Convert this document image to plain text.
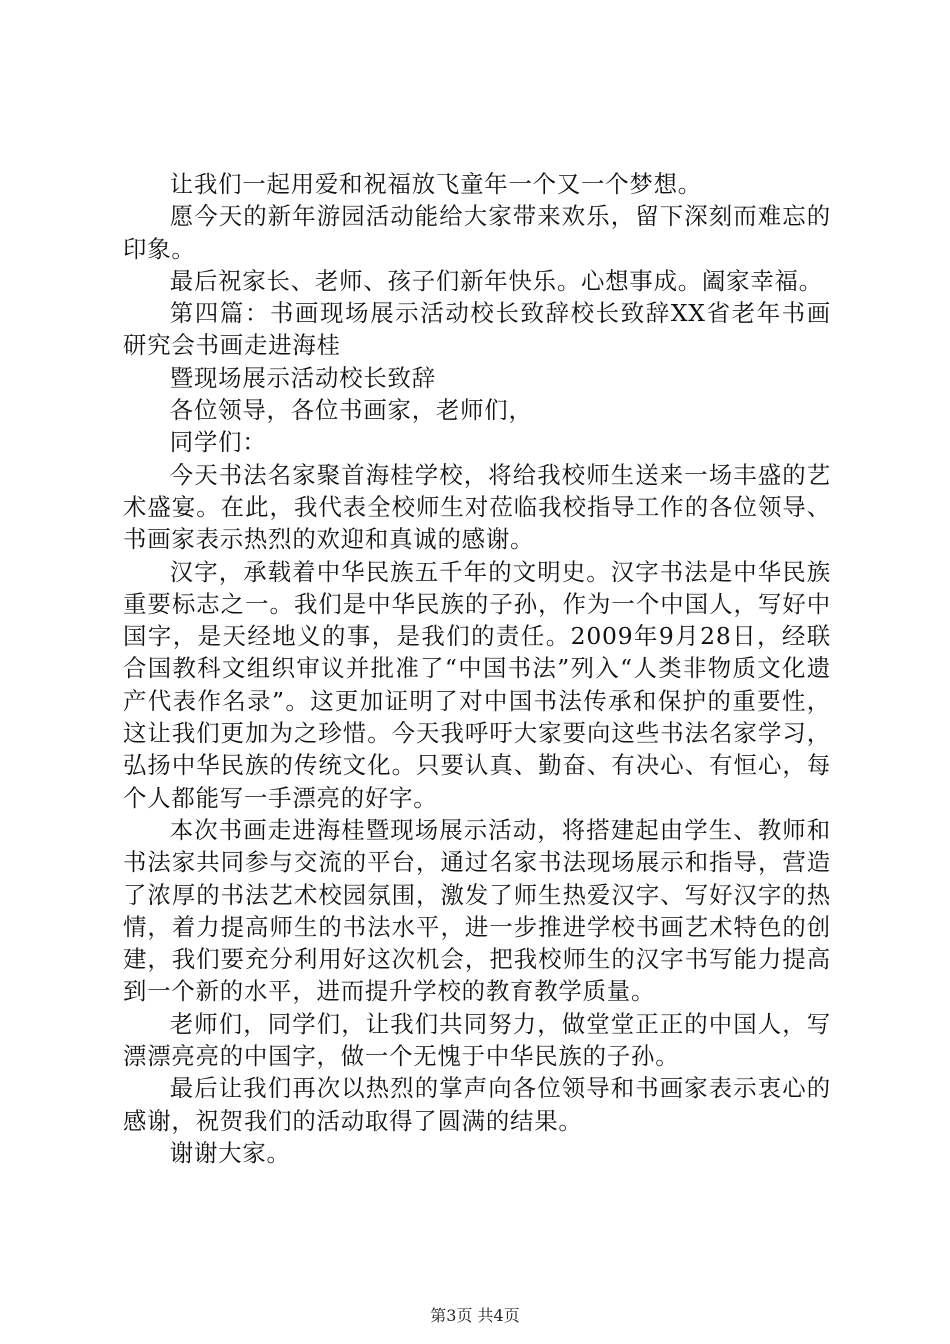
让我们一起用爱和祝福放飞童年一个又一个梦想。

愿今天的新年游园活动能给大家带来欢乐，留下深刻而难忘的印象。

最后祝家长、老师、孩子们新年快乐。心想事成。阖家幸福。

第四篇：书画现场展示活动校长致辞校长致辞XX省老年书画研究会书画走进海桂

暨现场展示活动校长致辞

各位领导，各位书画家，老师们，

同学们：

今天书法名家聚首海桂学校，将给我校师生送来一场丰盛的艺术盛宴。在此，我代表全校师生对莅临我校指导工作的各位领导、书画家表示热烈的欢迎和真诚的感谢。

汉字，承载着中华民族五千年的文明史。汉字书法是中华民族重要标志之一。我们是中华民族的子孙，作为一个中国人，写好中国字，是天经地义的事，是我们的责任。2009年9月28日，经联合国教科文组织审议并批准了“中国书法”列入“人类非物质文化遗产代表作名录”。这更加证明了对中国书法传承和保护的重要性，这让我们更加为之珍惜。今天我呼吁大家要向这些书法名家学习，弘扬中华民族的传统文化。只要认真、勤奋、有决心、有恒心，每个人都能写一手漂亮的好字。

本次书画走进海桂暨现场展示活动，将搭建起由学生、教师和书法家共同参与交流的平台，通过名家书法现场展示和指导，营造了浓厚的书法艺术校园氛围，激发了师生热爱汉字、写好汉字的热情，着力提高师生的书法水平，进一步推进学校书画艺术特色的创建，我们要充分利用好这次机会，把我校师生的汉字书写能力提高到一个新的水平，进而提升学校的教育教学质量。

老师们，同学们，让我们共同努力，做堂堂正正的中国人，写漂漂亮亮的中国字，做一个无愧于中华民族的子孙。

最后让我们再次以热烈的掌声向各位领导和书画家表示衷心的感谢，祝贺我们的活动取得了圆满的结果。

谢谢大家。

第3页 共4页
